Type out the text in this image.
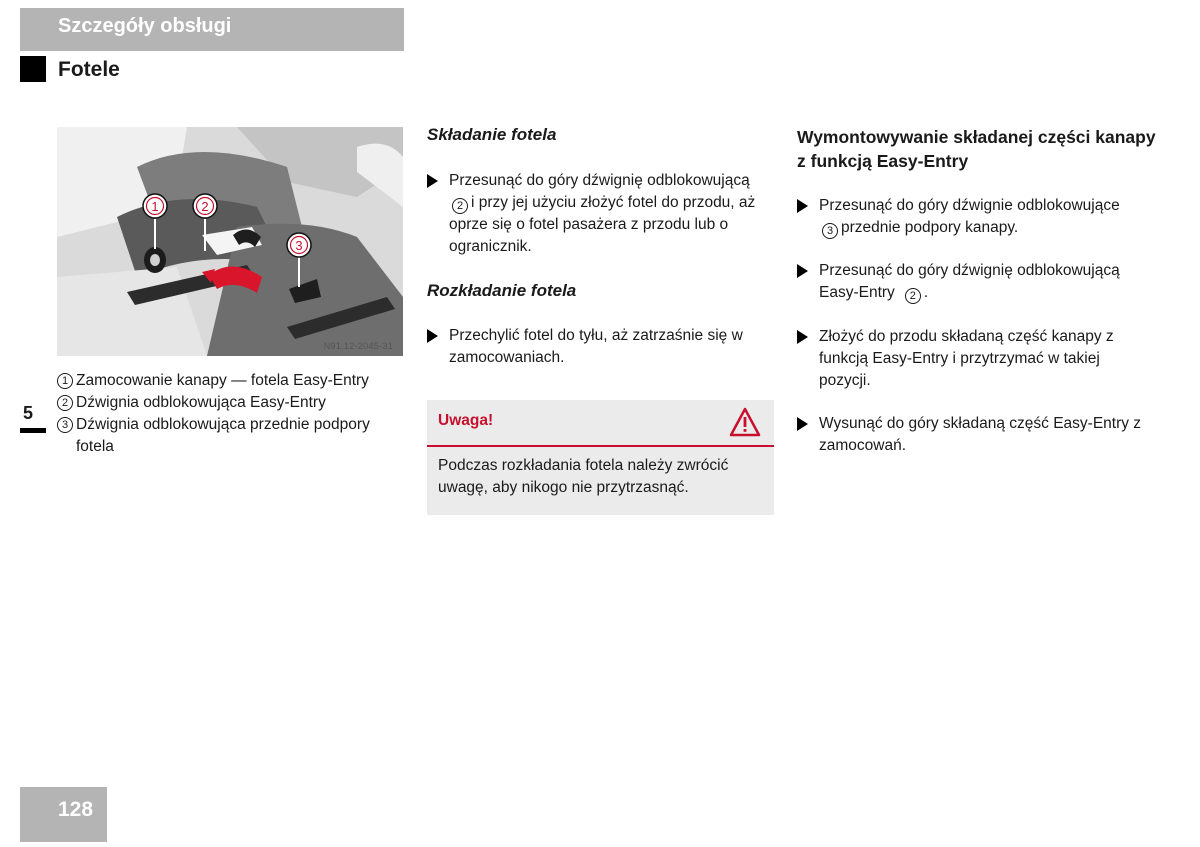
Szczegóły obsługi
Fotele
1	2
3
N91.12-2045-31
1 Zamocowanie kanapy — fotela Easy-Entry
2 Dźwignia odblokowująca Easy-Entry
3 Dźwignia odblokowująca przednie podpory fotela
5
Składanie fotela
Przesunąć do góry dźwignię odblokowującą
2 i przy jej użyciu złożyć fotel do przodu, aż oprze się o fotel pasażera z przodu lub o ogranicznik.
Rozkładanie fotela
Przechylić fotel do tyłu, aż zatrzaśnie się w zamocowaniach.
Uwaga!
Podczas rozkładania fotela należy zwrócić uwagę, aby nikogo nie przytrzasnąć.
Wymontowywanie składanej części kanapy z funkcją Easy-Entry
Przesunąć do góry dźwignie odblokowujące
3 przednie podpory kanapy.
Przesunąć do góry dźwignię odblokowującą Easy-Entry 2 .
Złożyć do przodu składaną część kanapy z funkcją Easy-Entry i przytrzymać w takiej pozycji.
Wysunąć do góry składaną część Easy-Entry z zamocowań.
128
